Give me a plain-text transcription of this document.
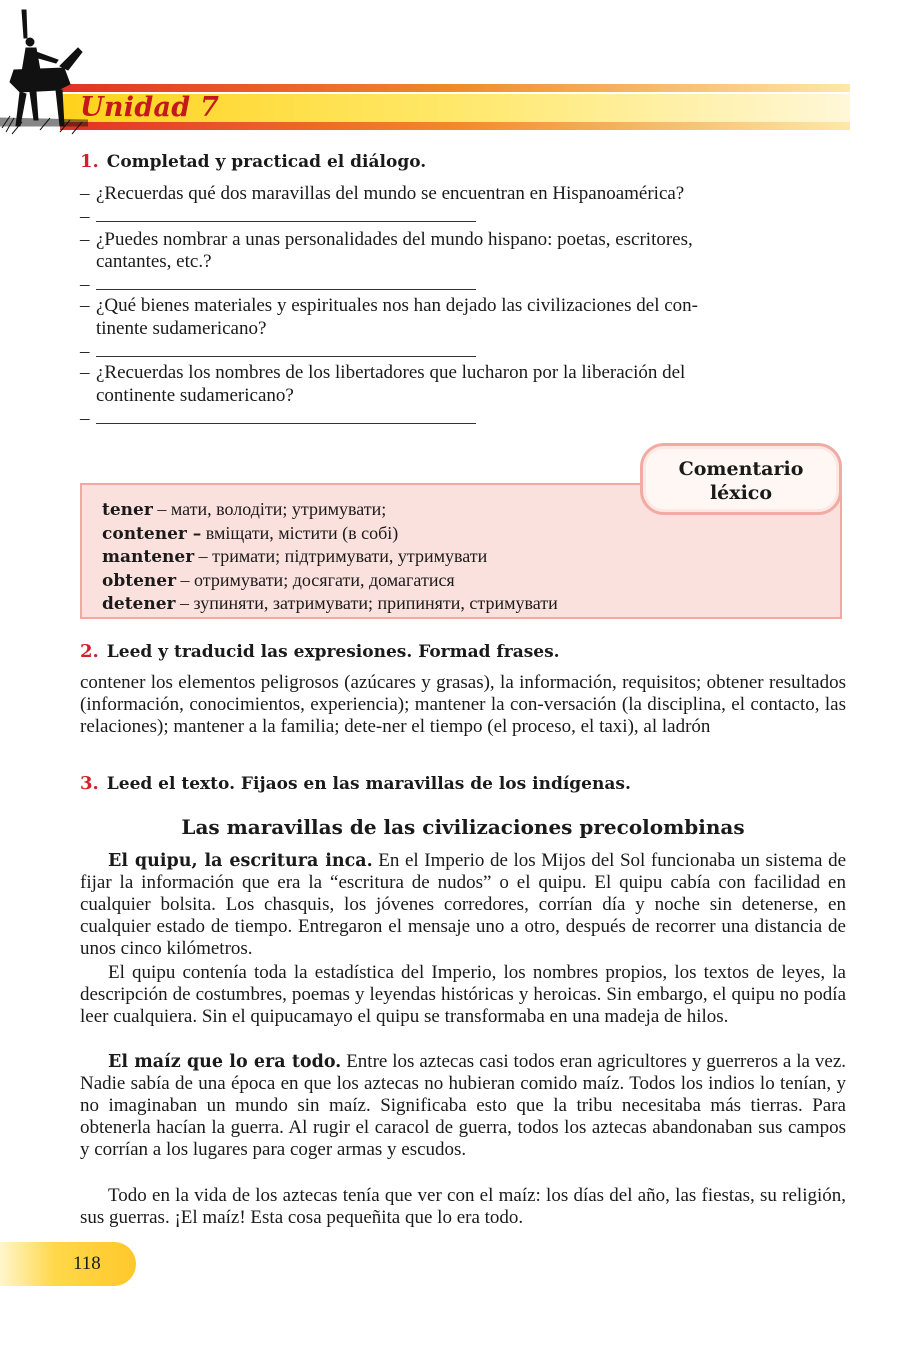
Unidad 7
1. Completad y practicad el diálogo.
– ¿Recuerdas qué dos maravillas del mundo se encuentran en Hispanoamérica?
–
– ¿Puedes nombrar a unas personalidades del mundo hispano: poetas, escritores,
cantantes, etc.?
–
– ¿Qué bienes materiales y espirituales nos han dejado las civilizaciones del con-
tinente sudamericano?
–
– ¿Recuerdas los nombres de los libertadores que lucharon por la liberación del
continente sudamericano?
–
Comentario
léxico
tener – мати, володіти; утримувати;
contener – вміщати, містити (в собі)
mantener – тримати; підтримувати, утримувати
obtener – отримувати; досягати, домагатися
detener – зупиняти, затримувати; припиняти, стримувати
2. Leed y traducid las expresiones. Formad frases.
contener los elementos peligrosos (azúcares y grasas), la información, requisitos; obtener resultados (información, conocimientos, experiencia); mantener la con-versación (la disciplina, el contacto, las relaciones); mantener a la familia; dete-ner el tiempo (el proceso, el taxi), al ladrón
3. Leed el texto. Fijaos en las maravillas de los indígenas.
Las maravillas de las civilizaciones precolombinas
El quipu, la escritura inca. En el Imperio de los Mijos del Sol funcionaba un sistema de fijar la información que era la “escritura de nudos” o el quipu. El quipu cabía con facilidad en cualquier bolsita. Los chasquis, los jóvenes corredores, corrían día y noche sin detenerse, en cualquier estado de tiempo. Entregaron el mensaje uno a otro, después de recorrer una distancia de unos cinco kilómetros.
El quipu contenía toda la estadística del Imperio, los nombres propios, los textos de leyes, la descripción de costumbres, poemas y leyendas históricas y heroicas. Sin embargo, el quipu no podía leer cualquiera. Sin el quipucamayo el quipu se transformaba en una madeja de hilos.
El maíz que lo era todo. Entre los aztecas casi todos eran agricultores y guerreros a la vez. Nadie sabía de una época en que los aztecas no hubieran comido maíz. Todos los indios lo tenían, y no imaginaban un mundo sin maíz. Significaba esto que la tribu necesitaba más tierras. Para obtenerla hacían la guerra. Al rugir el caracol de guerra, todos los aztecas abandonaban sus campos y corrían a los lugares para coger armas y escudos.
Todo en la vida de los aztecas tenía que ver con el maíz: los días del año, las fiestas, su religión, sus guerras. ¡El maíz! Esta cosa pequeñita que lo era todo.
118
